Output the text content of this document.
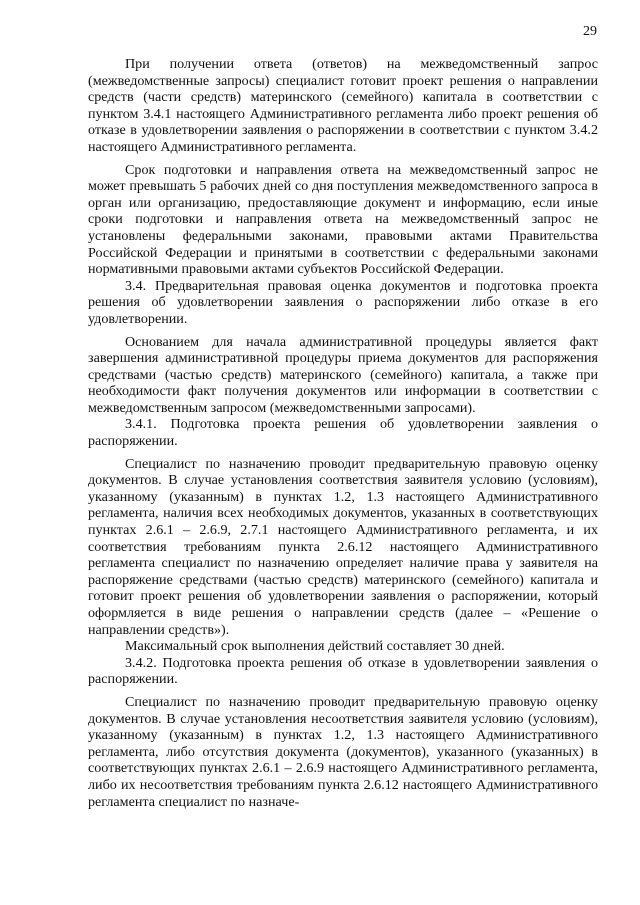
29

При получении ответа (ответов) на межведомственный запрос (межведомственные запросы) специалист готовит проект решения о направлении средств (части средств) материнского (семейного) капитала в соответствии с пунктом 3.4.1 настоящего Административного регламента либо проект решения об отказе в удовлетворении заявления о распоряжении в соответствии с пунктом 3.4.2 настоящего Административного регламента.

Срок подготовки и направления ответа на межведомственный запрос не может превышать 5 рабочих дней со дня поступления межведомственного запроса в орган или организацию, предоставляющие документ и информацию, если иные сроки подготовки и направления ответа на межведомственный запрос не установлены федеральными законами, правовыми актами Правительства Российской Федерации и принятыми в соответствии с федеральными законами нормативными правовыми актами субъектов Российской Федерации.

3.4. Предварительная правовая оценка документов и подготовка проекта решения об удовлетворении заявления о распоряжении либо отказе в его удовлетворении.

Основанием для начала административной процедуры является факт завершения административной процедуры приема документов для распоряжения средствами (частью средств) материнского (семейного) капитала, а также при необходимости факт получения документов или информации в соответствии с межведомственным запросом (межведомственными запросами).

3.4.1. Подготовка проекта решения об удовлетворении заявления о распоряжении.

Специалист по назначению проводит предварительную правовую оценку документов. В случае установления соответствия заявителя условию (условиям), указанному (указанным) в пунктах 1.2, 1.3 настоящего Административного регламента, наличия всех необходимых документов, указанных в соответствующих пунктах 2.6.1 – 2.6.9, 2.7.1 настоящего Административного регламента, и их соответствия требованиям пункта 2.6.12 настоящего Административного регламента специалист по назначению определяет наличие права у заявителя на распоряжение средствами (частью средств) материнского (семейного) капитала и готовит проект решения об удовлетворении заявления о распоряжении, который оформляется в виде решения о направлении средств (далее – «Решение о направлении средств»).

Максимальный срок выполнения действий составляет 30 дней.

3.4.2. Подготовка проекта решения об отказе в удовлетворении заявления о распоряжении.

Специалист по назначению проводит предварительную правовую оценку документов. В случае установления несоответствия заявителя условию (условиям), указанному (указанным) в пунктах 1.2, 1.3 настоящего Административного регламента, либо отсутствия документа (документов), указанного (указанных) в соответствующих пунктах 2.6.1 – 2.6.9 настоящего Административного регламента, либо их несоответствия требованиям пункта 2.6.12 настоящего Административного регламента специалист по назначе-
